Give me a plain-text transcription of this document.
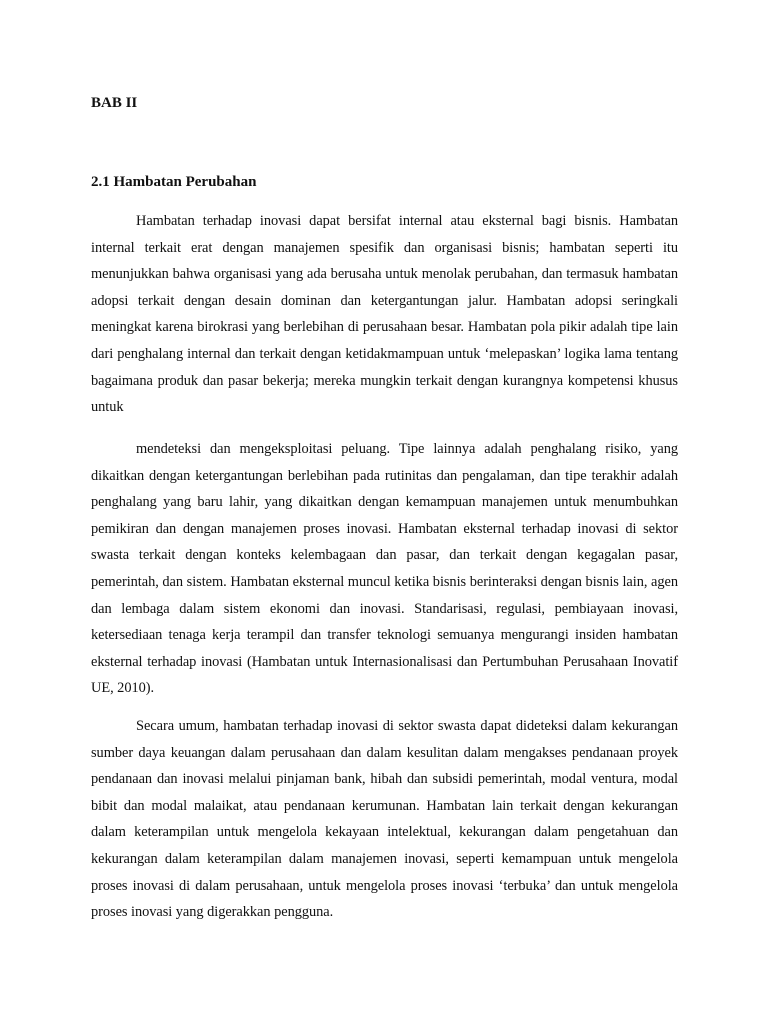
BAB II
2.1 Hambatan Perubahan

Hambatan terhadap inovasi dapat bersifat internal atau eksternal bagi bisnis. Hambatan internal terkait erat dengan manajemen spesifik dan organisasi bisnis; hambatan seperti itu menunjukkan bahwa organisasi yang ada berusaha untuk menolak perubahan, dan termasuk hambatan adopsi terkait dengan desain dominan dan ketergantungan jalur. Hambatan adopsi seringkali meningkat karena birokrasi yang berlebihan di perusahaan besar. Hambatan pola pikir adalah tipe lain dari penghalang internal dan terkait dengan ketidakmampuan untuk ‘melepaskan’ logika lama tentang bagaimana produk dan pasar bekerja; mereka mungkin terkait dengan kurangnya kompetensi khusus untuk

mendeteksi dan mengeksploitasi peluang. Tipe lainnya adalah penghalang risiko, yang dikaitkan dengan ketergantungan berlebihan pada rutinitas dan pengalaman, dan tipe terakhir adalah penghalang yang baru lahir, yang dikaitkan dengan kemampuan manajemen untuk menumbuhkan pemikiran dan dengan manajemen proses inovasi. Hambatan eksternal terhadap inovasi di sektor swasta terkait dengan konteks kelembagaan dan pasar, dan terkait dengan kegagalan pasar, pemerintah, dan sistem. Hambatan eksternal muncul ketika bisnis berinteraksi dengan bisnis lain, agen dan lembaga dalam sistem ekonomi dan inovasi. Standarisasi, regulasi, pembiayaan inovasi, ketersediaan tenaga kerja terampil dan transfer teknologi semuanya mengurangi insiden hambatan eksternal terhadap inovasi (Hambatan untuk Internasionalisasi dan Pertumbuhan Perusahaan Inovatif UE, 2010).

Secara umum, hambatan terhadap inovasi di sektor swasta dapat dideteksi dalam kekurangan sumber daya keuangan dalam perusahaan dan dalam kesulitan dalam mengakses pendanaan proyek pendanaan dan inovasi melalui pinjaman bank, hibah dan subsidi pemerintah, modal ventura, modal bibit dan modal malaikat, atau pendanaan kerumunan. Hambatan lain terkait dengan kekurangan dalam keterampilan untuk mengelola kekayaan intelektual, kekurangan dalam pengetahuan dan kekurangan dalam keterampilan dalam manajemen inovasi, seperti kemampuan untuk mengelola proses inovasi di dalam perusahaan, untuk mengelola proses inovasi ‘terbuka’ dan untuk mengelola proses inovasi yang digerakkan pengguna.
